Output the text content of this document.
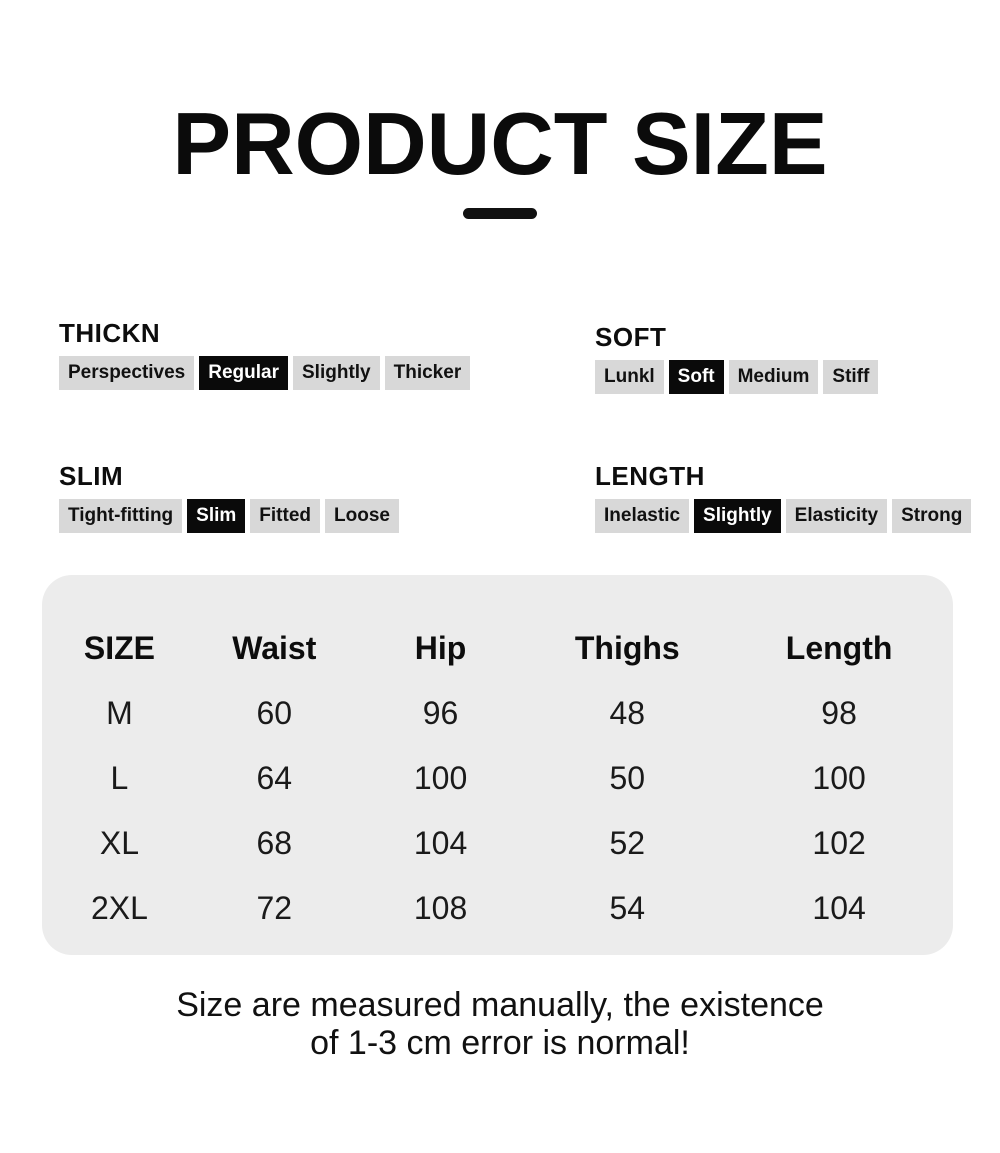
PRODUCT SIZE
THICKN
Perspectives	Regular	Slightly	Thicker
SOFT
Lunkl	Soft	Medium	Stiff
SLIM
Tight-fitting	Slim	Fitted	Loose
LENGTH
Inelastic	Slightly	Elasticity	Strong
SIZE	Waist	Hip	Thighs	Length
M	60	96	48	98
L	64	100	50	100
XL	68	104	52	102
2XL	72	108	54	104

Size are measured manually, the existence
of 1-3 cm error is normal!
